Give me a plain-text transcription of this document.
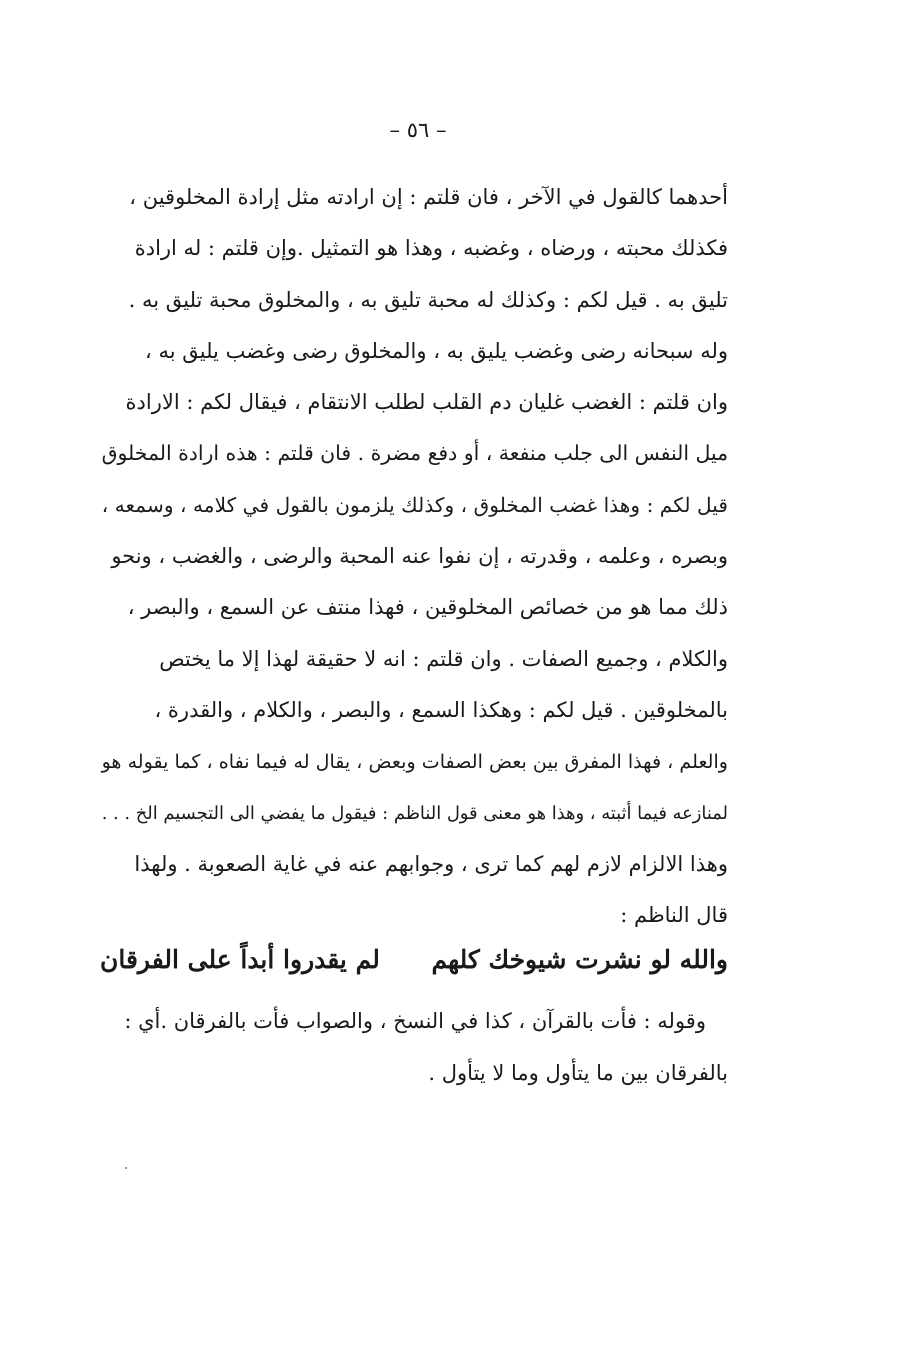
– ٥٦ –
أحدهما كالقول في الآخر ، فان قلتم : إن ارادته مثل إرادة المخلوقين ،
فكذلك محبته ، ورضاه ، وغضبه ، وهذا هو التمثيل .وإن قلتم : له ارادة
تليق به . قيل لكم : وكذلك له محبة تليق به ، والمخلوق محبة تليق به .
وله سبحانه رضى وغضب يليق به ، والمخلوق رضى وغضب يليق به ،
وان قلتم : الغضب غليان دم القلب لطلب الانتقام ، فيقال لكم : الارادة
ميل النفس الى جلب منفعة ، أو دفع مضرة . فان قلتم : هذه ارادة المخلوق
قيل لكم : وهذا غضب المخلوق ، وكذلك يلزمون بالقول في كلامه ، وسمعه ،
وبصره ، وعلمه ، وقدرته ، إن نفوا عنه المحبة والرضى ، والغضب ، ونحو
ذلك مما هو من خصائص المخلوقين ، فهذا منتف عن السمع ، والبصر ،
والكلام ، وجميع الصفات . وان قلتم : انه لا حقيقة لهذا إلا ما يختص
بالمخلوقين . قيل لكم : وهكذا السمع ، والبصر ، والكلام ، والقدرة ،
والعلم ، فهذا المفرق بين بعض الصفات وبعض ، يقال له فيما نفاه ، كما يقوله هو
لمنازعه فيما أثبته ، وهذا هو معنى قول الناظم : فيقول ما يفضي الى التجسيم الخ . . .
وهذا الالزام لازم لهم كما ترى ، وجوابهم عنه في غاية الصعوبة . ولهذا
قال الناظم :
والله لو نشرت شيوخك كلهم
لم يقدروا أبداً على الفرقان
وقوله : فأت بالقرآن ، كذا في النسخ ، والصواب فأت بالفرقان .أي :
بالفرقان بين ما يتأول وما لا يتأول .
